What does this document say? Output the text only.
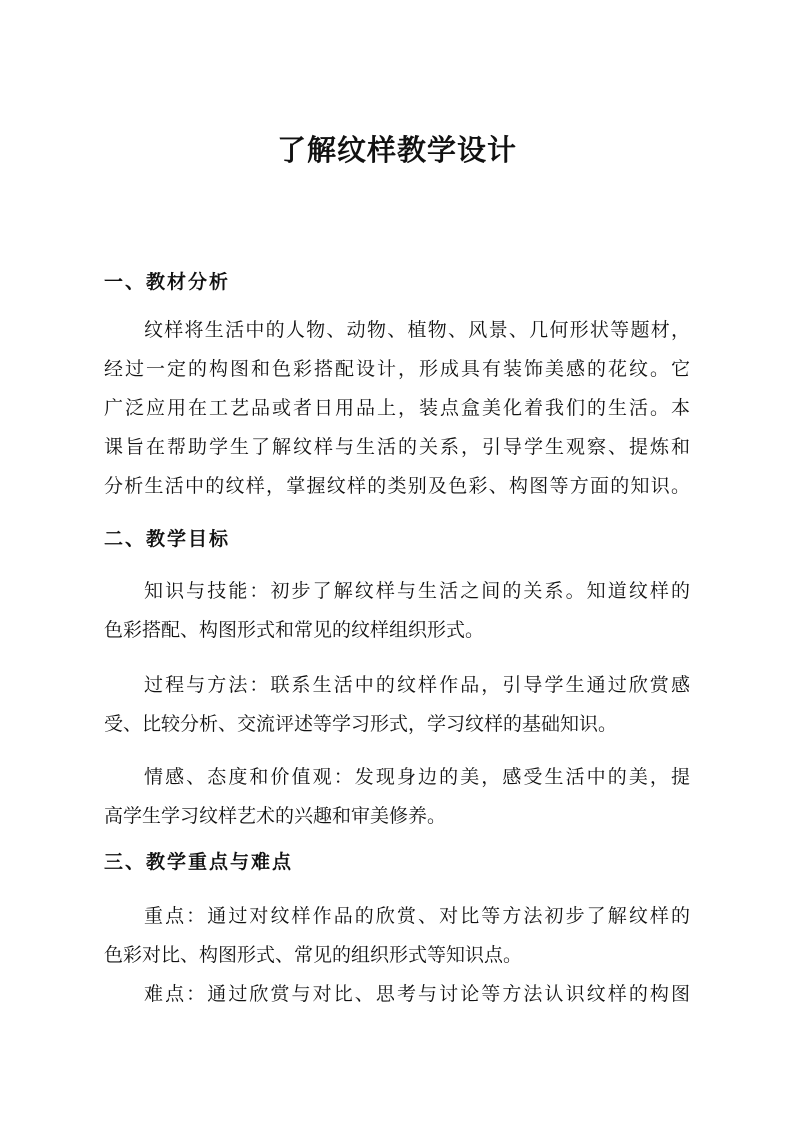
了解纹样教学设计
一、教材分析
纹样将生活中的人物、动物、植物、风景、几何形状等题材，
经过一定的构图和色彩搭配设计，形成具有装饰美感的花纹。它
广泛应用在工艺品或者日用品上，装点盒美化着我们的生活。本
课旨在帮助学生了解纹样与生活的关系，引导学生观察、提炼和
分析生活中的纹样，掌握纹样的类别及色彩、构图等方面的知识。
二、教学目标
知识与技能：初步了解纹样与生活之间的关系。知道纹样的
色彩搭配、构图形式和常见的纹样组织形式。
过程与方法：联系生活中的纹样作品，引导学生通过欣赏感
受、比较分析、交流评述等学习形式，学习纹样的基础知识。
情感、态度和价值观：发现身边的美，感受生活中的美，提
高学生学习纹样艺术的兴趣和审美修养。
三、教学重点与难点
重点：通过对纹样作品的欣赏、对比等方法初步了解纹样的
色彩对比、构图形式、常见的组织形式等知识点。
难点：通过欣赏与对比、思考与讨论等方法认识纹样的构图
